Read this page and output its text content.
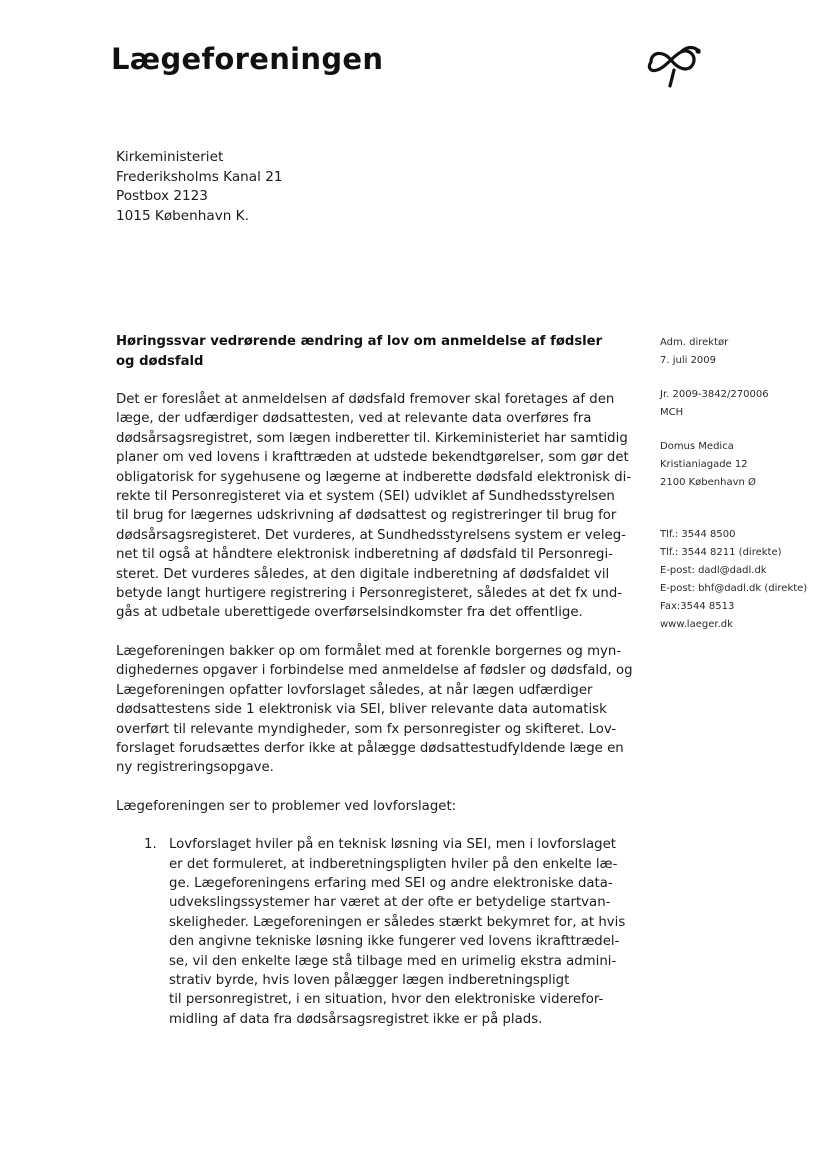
Lægeforeningen
Kirkeministeriet
Frederiksholms Kanal 21
Postbox 2123
1015 København K.
Høringssvar vedrørende ændring af lov om anmeldelse af fødsler og dødsfald
Adm. direktør
7. juli 2009
Jr. 2009-3842/270006
MCH
Domus Medica
Kristianiagade 12
2100 København Ø
Tlf.: 3544 8500
Tlf.: 3544 8211 (direkte)
E-post: dadl@dadl.dk
E-post: bhf@dadl.dk (direkte)
Fax:3544 8513
www.laeger.dk

Det er foreslået at anmeldelsen af dødsfald fremover skal foretages af den
læge, der udfærdiger dødsattesten, ved at relevante data overføres fra
dødsårsagsregistret, som lægen indberetter til. Kirkeministeriet har samtidig
planer om ved lovens i krafttræden at udstede bekendtgørelser, som gør det
obligatorisk for sygehusene og lægerne at indberette dødsfald elektronisk di-
rekte til Personregisteret via et system (SEI) udviklet af Sundhedsstyrelsen
til brug for lægernes udskrivning af dødsattest og registreringer til brug for
dødsårsagsregisteret. Det vurderes, at Sundhedsstyrelsens system er veleg-
net til også at håndtere elektronisk indberetning af dødsfald til Personregi-
steret. Det vurderes således, at den digitale indberetning af dødsfaldet vil
betyde langt hurtigere registrering i Personregisteret, således at det fx und-
gås at udbetale uberettigede overførselsindkomster fra det offentlige.

Lægeforeningen bakker op om formålet med at forenkle borgernes og myn-
dighedernes opgaver i forbindelse med anmeldelse af fødsler og dødsfald, og
Lægeforeningen opfatter lovforslaget således, at når lægen udfærdiger
dødsattestens side 1 elektronisk via SEI, bliver relevante data automatisk
overført til relevante myndigheder, som fx personregister og skifteret. Lov-
forslaget forudsættes derfor ikke at pålægge dødsattestudfyldende læge en
ny registreringsopgave.

Lægeforeningen ser to problemer ved lovforslaget:

1. Lovforslaget hviler på en teknisk løsning via SEI, men i lovforslaget
er det formuleret, at indberetningspligten hviler på den enkelte læ-
ge. Lægeforeningens erfaring med SEI og andre elektroniske data-
udvekslingssystemer har været at der ofte er betydelige startvan-
skeligheder. Lægeforeningen er således stærkt bekymret for, at hvis
den angivne tekniske løsning ikke fungerer ved lovens ikrafttrædel-
se, vil den enkelte læge stå tilbage med en urimelig ekstra admini-
strativ byrde, hvis loven pålægger lægen indberetningspligt
til personregistret, i en situation, hvor den elektroniske viderefor-
midling af data fra dødsårsagsregistret ikke er på plads.
